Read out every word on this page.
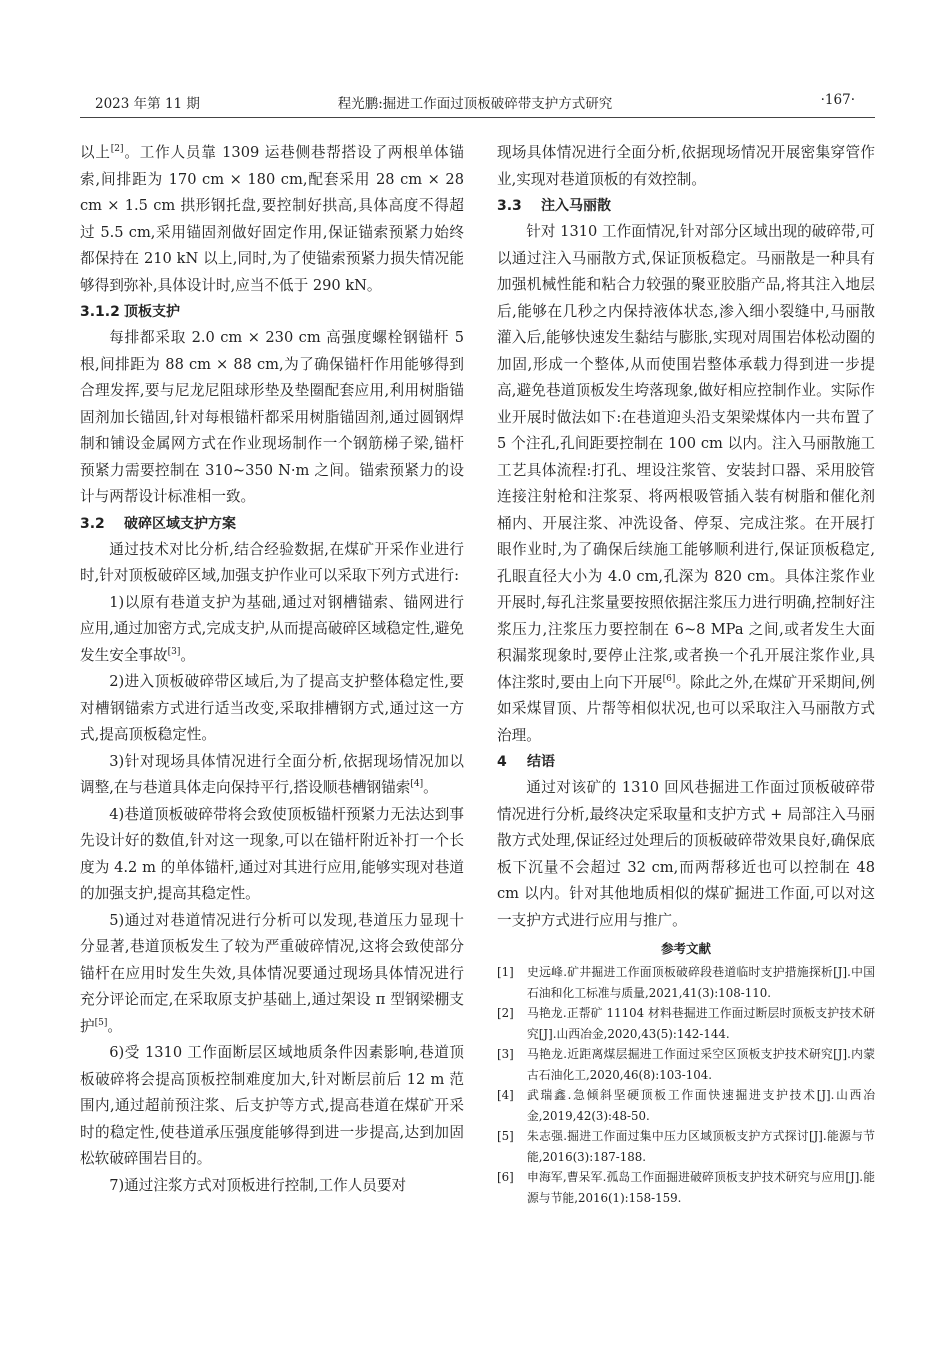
2023 年第 11 期	程光鹏:掘进工作面过顶板破碎带支护方式研究	·167·

以上[2]。工作人员靠 1309 运巷侧巷帮搭设了两根单体锚索,间排距为 170 cm × 180 cm,配套采用 28 cm × 28 cm × 1.5 cm 拱形钢托盘,要控制好拱高,具体高度不得超过 5.5 cm,采用锚固剂做好固定作用,保证锚索预紧力始终都保持在 210 kN 以上,同时,为了使锚索预紧力损失情况能够得到弥补,具体设计时,应当不低于 290 kN。

3.1.2 顶板支护

每排都采取 2.0 cm × 230 cm 高强度螺栓钢锚杆 5 根,间排距为 88 cm × 88 cm,为了确保锚杆作用能够得到合理发挥,要与尼龙尼阻球形垫及垫圈配套应用,利用树脂锚固剂加长锚固,针对每根锚杆都采用树脂锚固剂,通过圆钢焊制和铺设金属网方式在作业现场制作一个钢筋梯子梁,锚杆预紧力需要控制在 310~350 N·m 之间。锚索预紧力的设计与两帮设计标准相一致。

3.2 破碎区域支护方案

通过技术对比分析,结合经验数据,在煤矿开采作业进行时,针对顶板破碎区域,加强支护作业可以采取下列方式进行:

1)以原有巷道支护为基础,通过对钢槽锚索、锚网进行应用,通过加密方式,完成支护,从而提高破碎区域稳定性,避免发生安全事故[3]。

2)进入顶板破碎带区域后,为了提高支护整体稳定性,要对槽钢锚索方式进行适当改变,采取排槽钢方式,通过这一方式,提高顶板稳定性。

3)针对现场具体情况进行全面分析,依据现场情况加以调整,在与巷道具体走向保持平行,搭设顺巷槽钢锚索[4]。

4)巷道顶板破碎带将会致使顶板锚杆预紧力无法达到事先设计好的数值,针对这一现象,可以在锚杆附近补打一个长度为 4.2 m 的单体锚杆,通过对其进行应用,能够实现对巷道的加强支护,提高其稳定性。

5)通过对巷道情况进行分析可以发现,巷道压力显现十分显著,巷道顶板发生了较为严重破碎情况,这将会致使部分锚杆在应用时发生失效,具体情况要通过现场具体情况进行充分评论而定,在采取原支护基础上,通过架设 π 型钢梁棚支护[5]。

6)受 1310 工作面断层区域地质条件因素影响,巷道顶板破碎将会提高顶板控制难度加大,针对断层前后 12 m 范围内,通过超前预注浆、后支护等方式,提高巷道在煤矿开采时的稳定性,使巷道承压强度能够得到进一步提高,达到加固松软破碎围岩目的。

7)通过注浆方式对顶板进行控制,工作人员要对

现场具体情况进行全面分析,依据现场情况开展密集穿管作业,实现对巷道顶板的有效控制。

3.3 注入马丽散

针对 1310 工作面情况,针对部分区域出现的破碎带,可以通过注入马丽散方式,保证顶板稳定。马丽散是一种具有加强机械性能和粘合力较强的聚亚胶脂产品,将其注入地层后,能够在几秒之内保持液体状态,渗入细小裂缝中,马丽散灌入后,能够快速发生黏结与膨胀,实现对周围岩体松动圈的加固,形成一个整体,从而使围岩整体承载力得到进一步提高,避免巷道顶板发生垮落现象,做好相应控制作业。实际作业开展时做法如下:在巷道迎头沿支架梁煤体内一共布置了 5 个注孔,孔间距要控制在 100 cm 以内。注入马丽散施工工艺具体流程:打孔、埋设注浆管、安装封口器、采用胶管连接注射枪和注浆泵、将两根吸管插入装有树脂和催化剂桶内、开展注浆、冲洗设备、停泵、完成注浆。在开展打眼作业时,为了确保后续施工能够顺利进行,保证顶板稳定,孔眼直径大小为 4.0 cm,孔深为 820 cm。具体注浆作业开展时,每孔注浆量要按照依据注浆压力进行明确,控制好注浆压力,注浆压力要控制在 6~8 MPa 之间,或者发生大面积漏浆现象时,要停止注浆,或者换一个孔开展注浆作业,具体注浆时,要由上向下开展[6]。除此之外,在煤矿开采期间,例如采煤冒顶、片帮等相似状况,也可以采取注入马丽散方式治理。

4 结语

通过对该矿的 1310 回风巷掘进工作面过顶板破碎带情况进行分析,最终决定采取量和支护方式 + 局部注入马丽散方式处理,保证经过处理后的顶板破碎带效果良好,确保底板下沉量不会超过 32 cm,而两帮移近也可以控制在 48 cm 以内。针对其他地质相似的煤矿掘进工作面,可以对这一支护方式进行应用与推广。

参考文献
[1] 史远峰.矿井掘进工作面顶板破碎段巷道临时支护措施探析[J].中国石油和化工标准与质量,2021,41(3):108-110.
[2] 马艳龙.正帮矿 11104 材料巷掘进工作面过断层时顶板支护技术研究[J].山西冶金,2020,43(5):142-144.
[3] 马艳龙.近距离煤层掘进工作面过采空区顶板支护技术研究[J].内蒙古石油化工,2020,46(8):103-104.
[4] 武瑞鑫.急倾斜坚硬顶板工作面快速掘进支护技术[J].山西冶金,2019,42(3):48-50.
[5] 朱志强.掘进工作面过集中压力区域顶板支护方式探讨[J].能源与节能,2016(3):187-188.
[6] 申海军,曹呆军.孤岛工作面掘进破碎顶板支护技术研究与应用[J].能源与节能,2016(1):158-159.
